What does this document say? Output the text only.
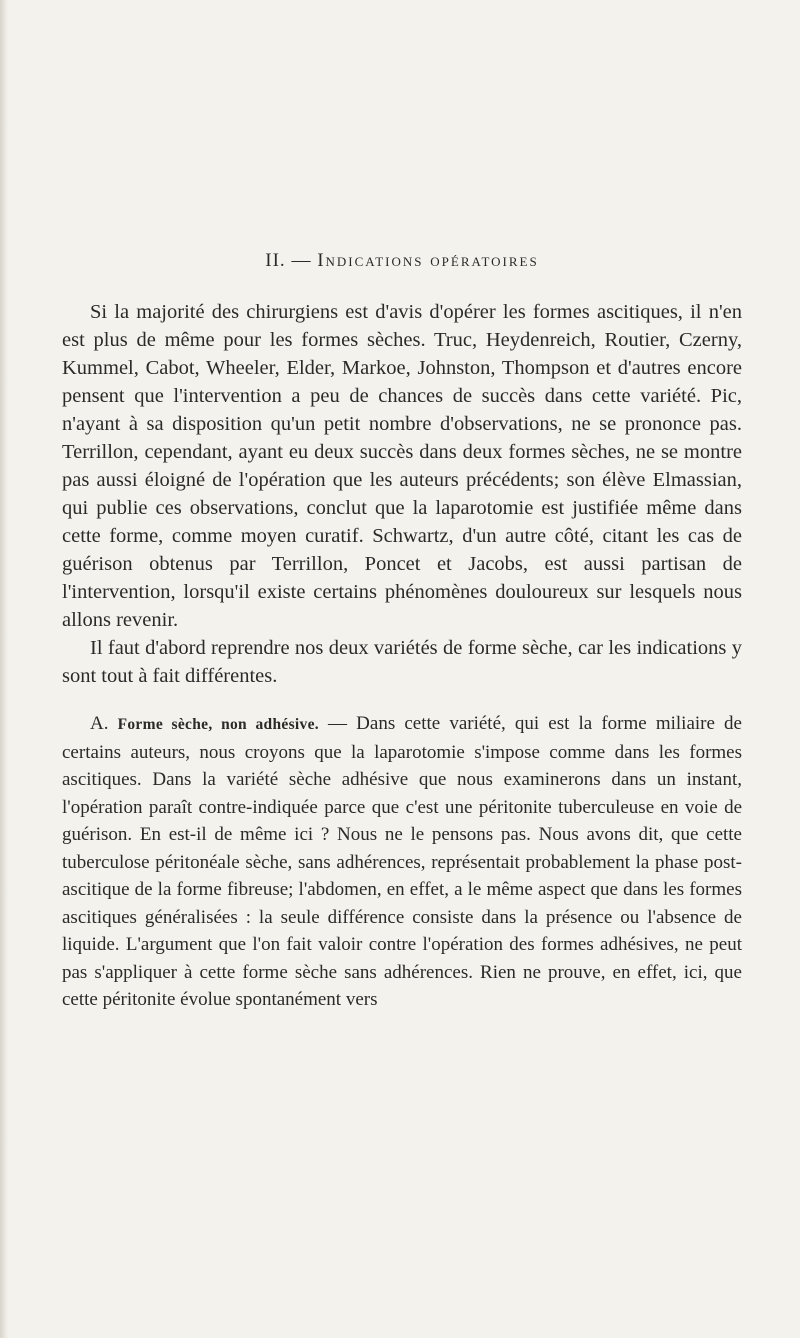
II. — Indications opératoires

Si la majorité des chirurgiens est d'avis d'opérer les formes ascitiques, il n'en est plus de même pour les formes sèches. Truc, Heydenreich, Routier, Czerny, Kummel, Cabot, Wheeler, Elder, Markoe, Johnston, Thompson et d'autres encore pensent que l'intervention a peu de chances de succès dans cette variété. Pic, n'ayant à sa disposition qu'un petit nombre d'observations, ne se prononce pas. Terrillon, cependant, ayant eu deux succès dans deux formes sèches, ne se montre pas aussi éloigné de l'opération que les auteurs précédents; son élève Elmassian, qui publie ces observations, conclut que la laparotomie est justifiée même dans cette forme, comme moyen curatif. Schwartz, d'un autre côté, citant les cas de guérison obtenus par Terrillon, Poncet et Jacobs, est aussi partisan de l'intervention, lorsqu'il existe certains phénomènes douloureux sur lesquels nous allons revenir.

Il faut d'abord reprendre nos deux variétés de forme sèche, car les indications y sont tout à fait différentes.

A. Forme sèche, non adhésive. — Dans cette variété, qui est la forme miliaire de certains auteurs, nous croyons que la laparotomie s'impose comme dans les formes ascitiques. Dans la variété sèche adhésive que nous examinerons dans un instant, l'opération paraît contre-indiquée parce que c'est une péritonite tuberculeuse en voie de guérison. En est-il de même ici ? Nous ne le pensons pas. Nous avons dit, que cette tuberculose péritonéale sèche, sans adhérences, représentait probablement la phase post-ascitique de la forme fibreuse; l'abdomen, en effet, a le même aspect que dans les formes ascitiques généralisées : la seule différence consiste dans la présence ou l'absence de liquide. L'argument que l'on fait valoir contre l'opération des formes adhésives, ne peut pas s'appliquer à cette forme sèche sans adhérences. Rien ne prouve, en effet, ici, que cette péritonite évolue spontanément vers
